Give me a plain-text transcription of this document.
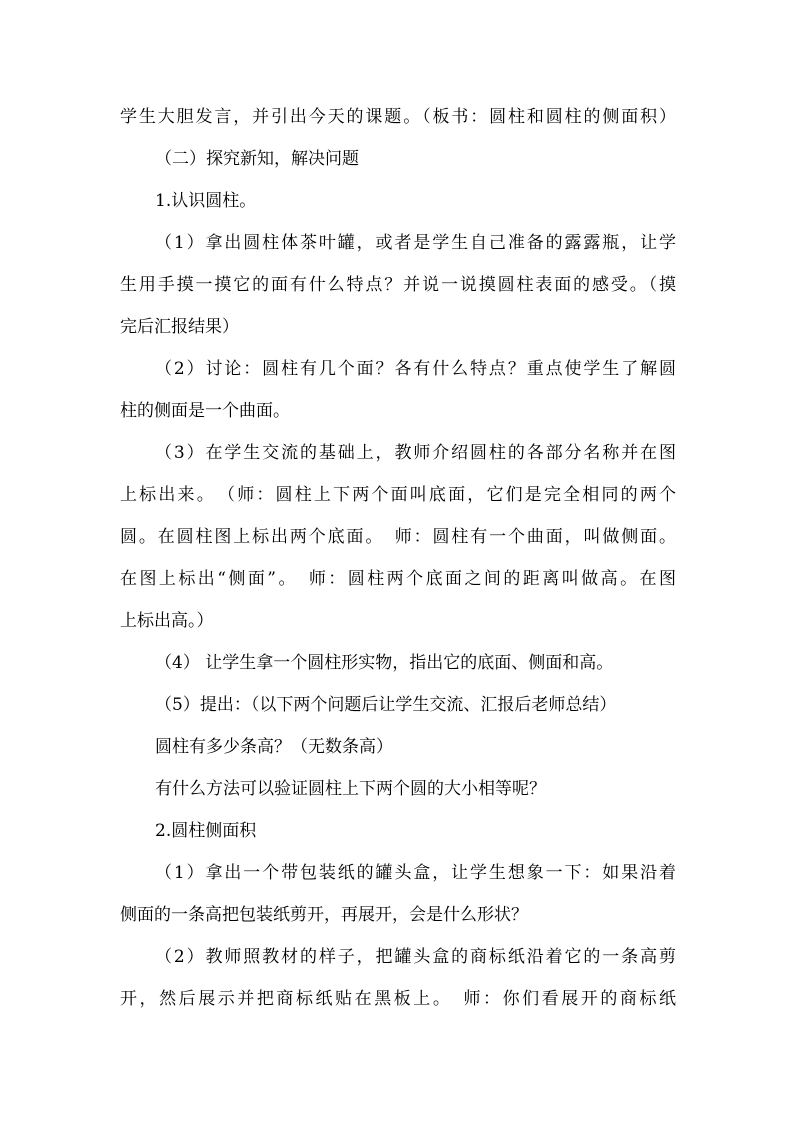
学生大胆发言，并引出今天的课题。（板书：圆柱和圆柱的侧面积）
（二）探究新知，解决问题
1.认识圆柱。
（1）拿出圆柱体茶叶罐，或者是学生自己准备的露露瓶，让学
生用手摸一摸它的面有什么特点？并说一说摸圆柱表面的感受。（摸
完后汇报结果）
（2）讨论：圆柱有几个面？各有什么特点？重点使学生了解圆
柱的侧面是一个曲面。
（3）在学生交流的基础上，教师介绍圆柱的各部分名称并在图
上标出来。　（师：圆柱上下两个面叫底面，它们是完全相同的两个
圆。在圆柱图上标出两个底面。　师：圆柱有一个曲面，叫做侧面。
在图上标出“侧面”。　师：圆柱两个底面之间的距离叫做高。在图
上标出高。）
（4） 让学生拿一个圆柱形实物，指出它的底面、侧面和高。
（5）提出：（以下两个问题后让学生交流、汇报后老师总结）
圆柱有多少条高？（无数条高）
有什么方法可以验证圆柱上下两个圆的大小相等呢？
2.圆柱侧面积
（1）拿出一个带包装纸的罐头盒，让学生想象一下：如果沿着
侧面的一条高把包装纸剪开，再展开，会是什么形状？
（2）教师照教材的样子，把罐头盒的商标纸沿着它的一条高剪
开，然后展示并把商标纸贴在黑板上。　师：你们看展开的商标纸
